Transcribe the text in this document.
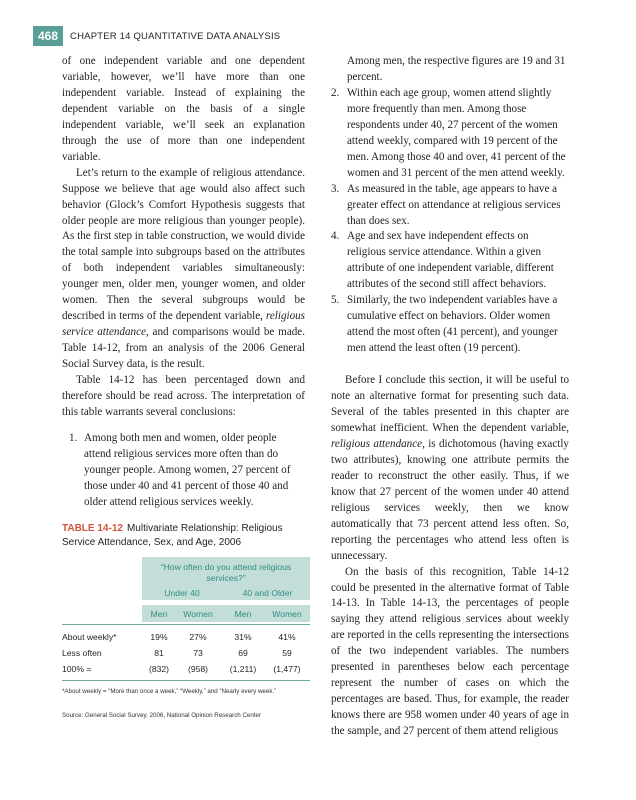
468	CHAPTER 14 QUANTITATIVE DATA ANALYSIS

of one independent variable and one dependent variable, however, we’ll have more than one independent variable. Instead of explaining the dependent variable on the basis of a single independent variable, we’ll seek an explanation through the use of more than one independent variable.

Let’s return to the example of religious attendance. Suppose we believe that age would also affect such behavior (Glock’s Comfort Hypothesis suggests that older people are more religious than younger people). As the first step in table construction, we would divide the total sample into subgroups based on the attributes of both independent variables simultaneously: younger men, older men, younger women, and older women. Then the several subgroups would be described in terms of the dependent variable, religious service attendance, and comparisons would be made. Table 14-12, from an analysis of the 2006 General Social Survey data, is the result.

Table 14-12 has been percentaged down and therefore should be read across. The interpretation of this table warrants several conclusions:

1. Among both men and women, older people attend religious services more often than do younger people. Among women, 27 percent of those under 40 and 41 percent of those 40 and older attend religious services weekly.
TABLE 14-12 Multivariate Relationship: Religious Service Attendance, Sex, and Age, 2006
“How often do you attend religious services?”
Under 40	40 and Older
Men	Women	Men	Women
About weekly*	19%	27%	31%	41%
Less often	81	73	69	59
100% =	(832)	(958)	(1,211)	(1,477)
*About weekly = “More than once a week,” “Weekly,” and “Nearly every week.”
Source: General Social Survey, 2006, National Opinion Research Center
Among men, the respective figures are 19 and 31 percent.
2. Within each age group, women attend slightly more frequently than men. Among those respondents under 40, 27 percent of the women attend weekly, compared with 19 percent of the men. Among those 40 and over, 41 percent of the women and 31 percent of the men attend weekly.
3. As measured in the table, age appears to have a greater effect on attendance at religious services than does sex.
4. Age and sex have independent effects on religious service attendance. Within a given attribute of one independent variable, different attributes of the second still affect behaviors.
5. Similarly, the two independent variables have a cumulative effect on behaviors. Older women attend the most often (41 percent), and younger men attend the least often (19 percent).

Before I conclude this section, it will be useful to note an alternative format for presenting such data. Several of the tables presented in this chapter are somewhat inefficient. When the dependent variable, religious attendance, is dichotomous (having exactly two attributes), knowing one attribute permits the reader to reconstruct the other easily. Thus, if we know that 27 percent of the women under 40 attend religious services weekly, then we know automatically that 73 percent attend less often. So, reporting the percentages who attend less often is unnecessary.

On the basis of this recognition, Table 14-12 could be presented in the alternative format of Table 14-13. In Table 14-13, the percentages of people saying they attend religious services about weekly are reported in the cells representing the intersections of the two independent variables. The numbers presented in parentheses below each percentage represent the number of cases on which the percentages are based. Thus, for example, the reader knows there are 958 women under 40 years of age in the sample, and 27 percent of them attend religious
